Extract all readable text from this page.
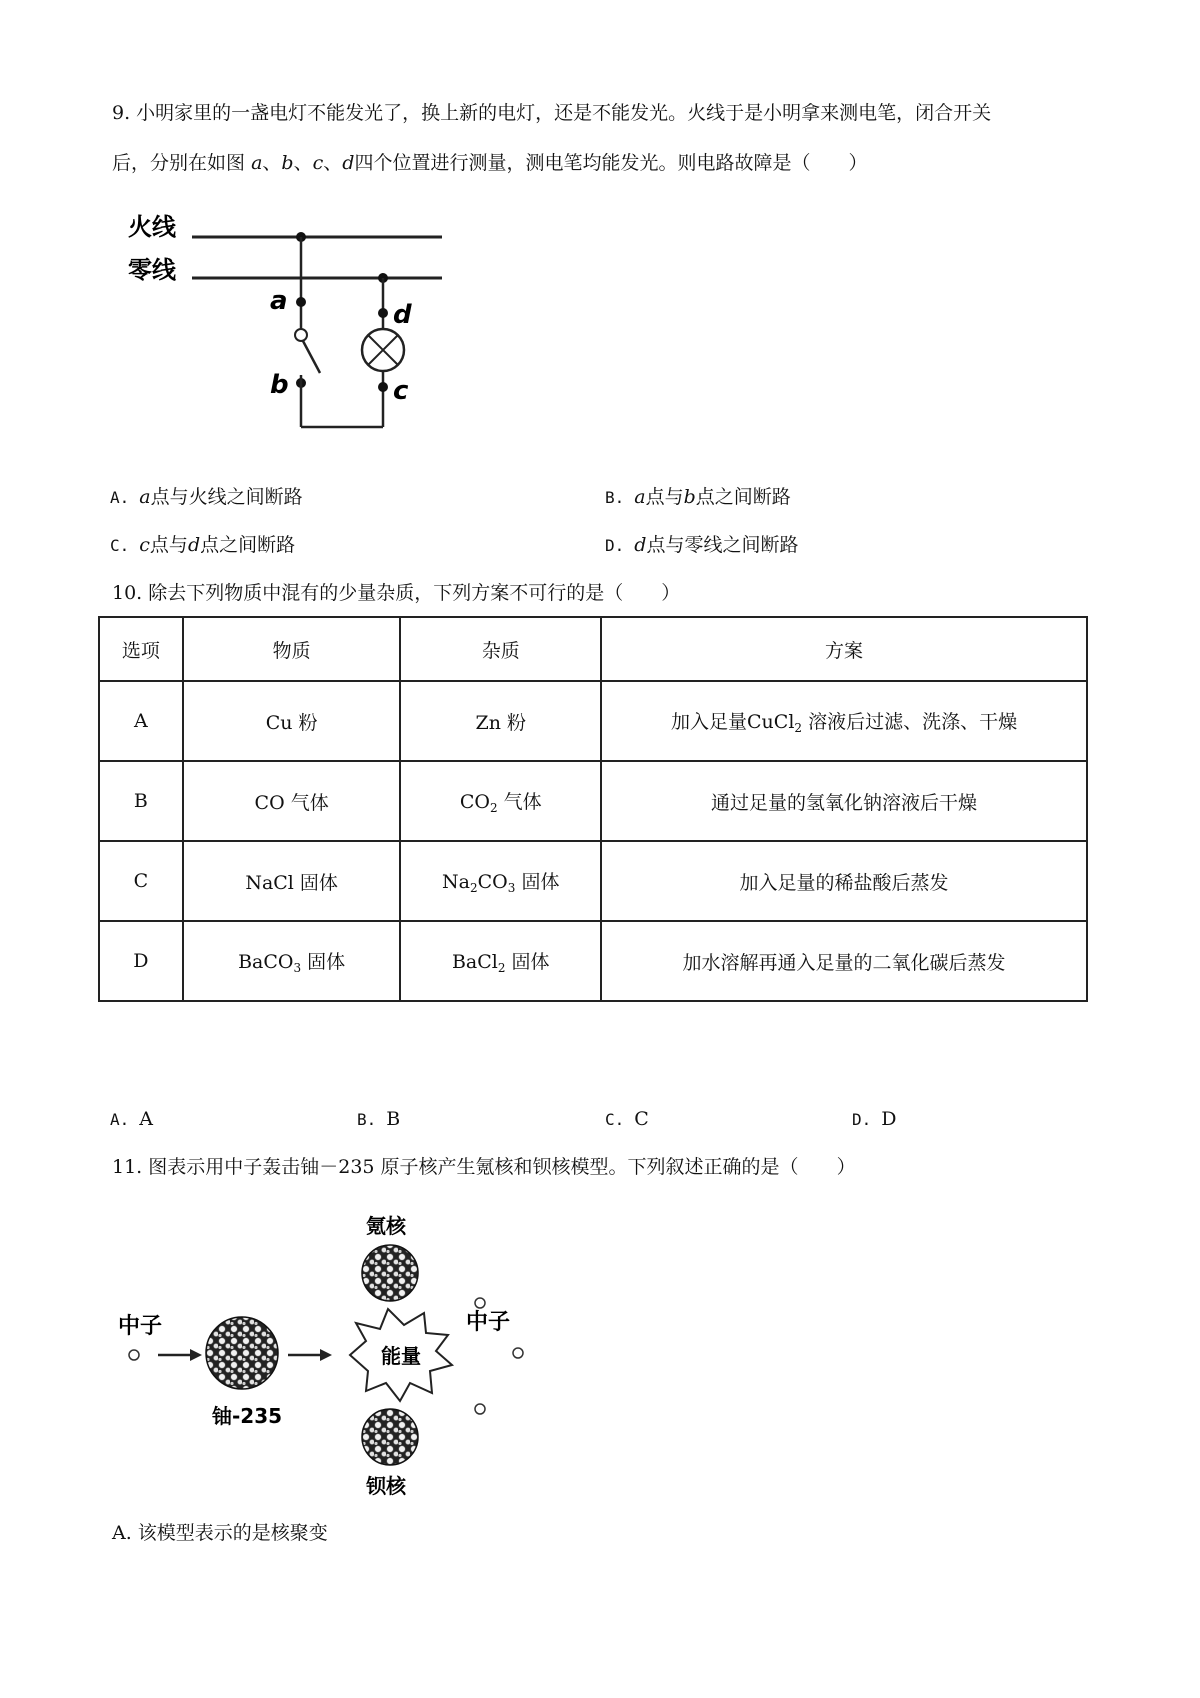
9. 小明家里的一盏电灯不能发光了，换上新的电灯，还是不能发光。火线于是小明拿来测电笔，闭合开关
后，分别在如图 a、b、c、d四个位置进行测量，测电笔均能发光。则电路故障是（　　）
火线
零线
a
b
d
c
A. a点与火线之间断路	B. a点与b点之间断路
C. c点与d点之间断路	D. d点与零线之间断路
10. 除去下列物质中混有的少量杂质，下列方案不可行的是（　　）
选项	物质	杂质	方案
A	Cu 粉	Zn 粉	加入足量CuCl$_2$ 溶液后过滤、洗涤、干燥
B	CO 气体	$CO_2$ 气体	通过足量的氢氧化钠溶液后干燥
C	NaCl 固体	$Na_2CO_3$ 固体	加入足量的稀盐酸后蒸发
D	BaCO$_3$ 固体	BaCl$_2$ 固体	加水溶解再通入足量的二氧化碳后蒸发
A. A	B. B	C. C	D. D
11. 图表示用中子轰击铀－235 原子核产生氪核和钡核模型。下列叙述正确的是（　　）
中子
铀-235
能量
氪核
钡核
中子
A. 该模型表示的是核聚变
